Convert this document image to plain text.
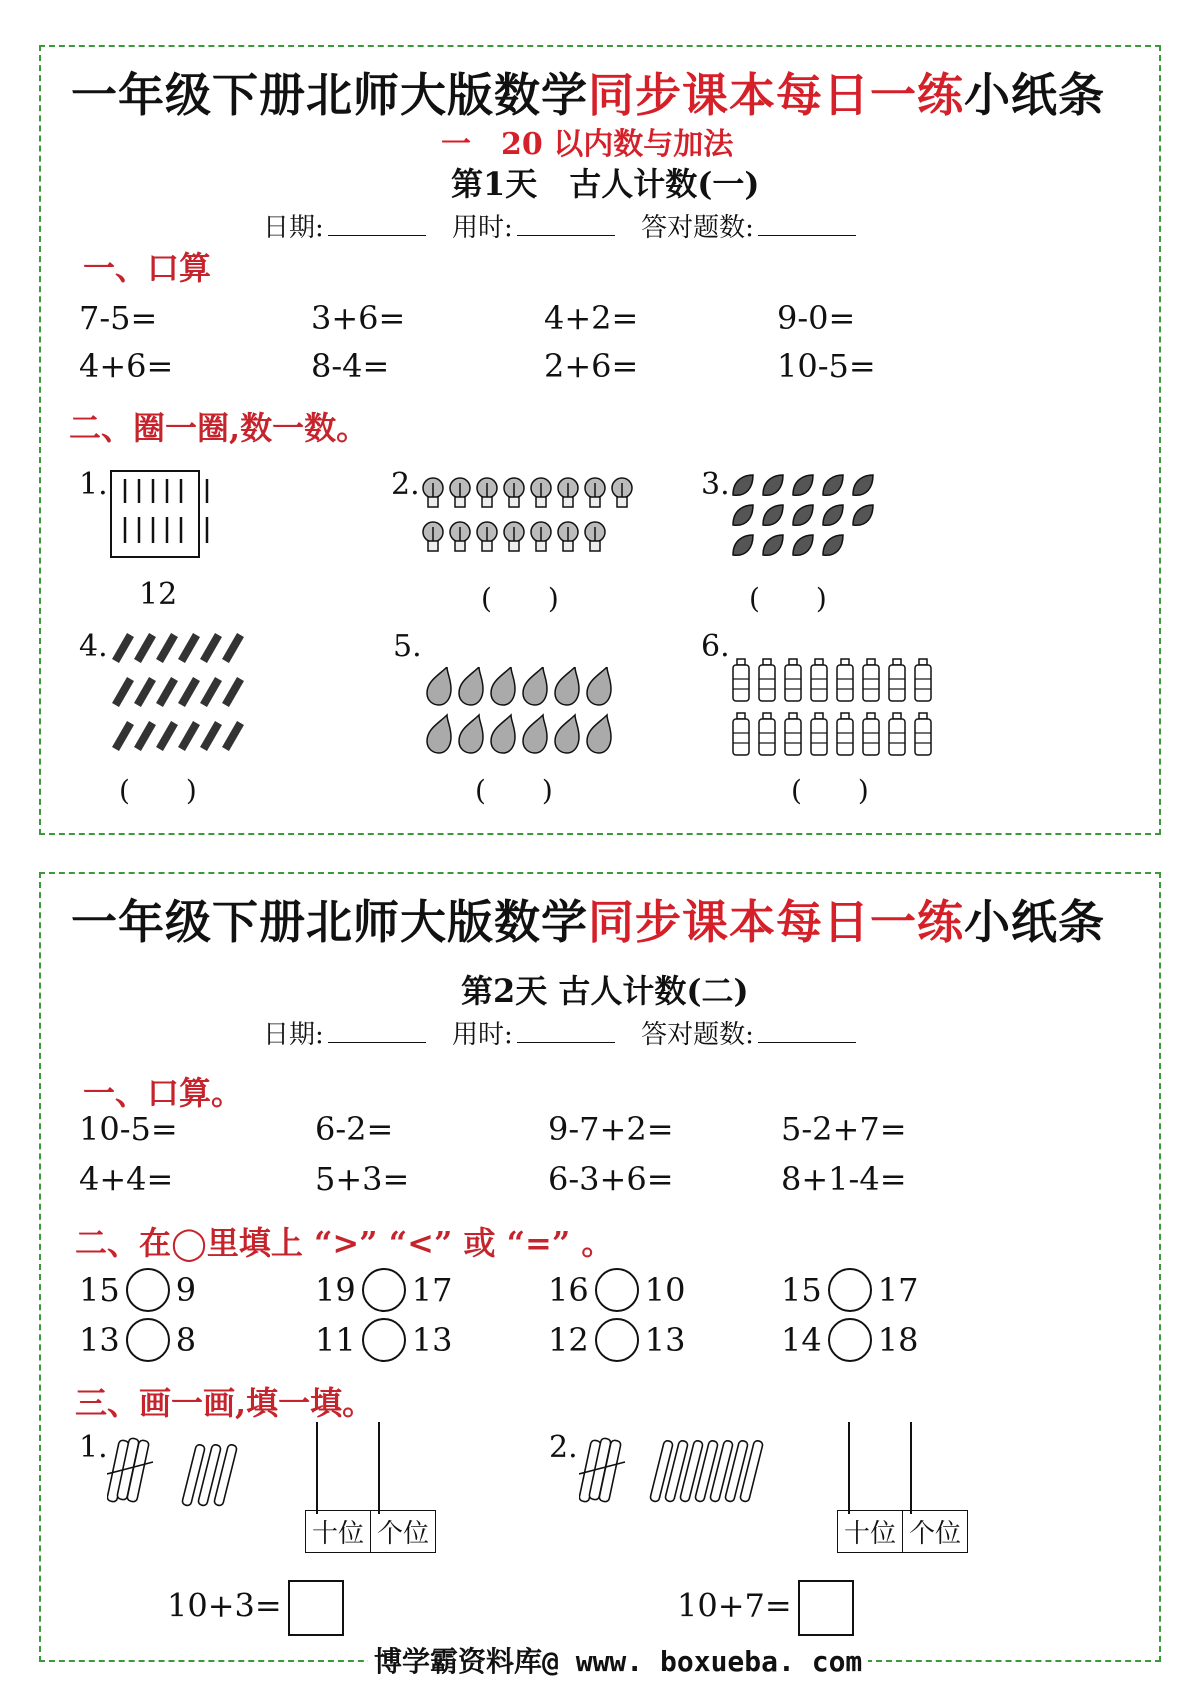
一年级下册北师大版数学同步课本每日一练小纸条
一　20 以内数与加法
第1天　古人计数(一)
日期:	用时:	答对题数:
一、口算
7-5=	3+6=	4+2=	9-0=
4+6=	8-4=	2+6=	10-5=
二、圈一圈,数一数。
1.
12
2.
(　　)
3.
(　　)
4.
(　　)
5.
(　　)
6.
(　　)
一年级下册北师大版数学同步课本每日一练小纸条
第2天 古人计数(二)
日期:	用时:	答对题数:
一、口算。
10-5=	6-2=	9-7+2=	5-2+7=
4+4=	5+3=	6-3+6=	8+1-4=
二、在◯里填上 “>” “<” 或 “=” 。
15 9	19 17	16 10	15 17
13 8	11 13	12 13	14 18
三、画一画,填一填。
1.
十位 个位
10+3=
2.
十位 个位
10+7=
博学霸资料库@ www. boxueba. com
